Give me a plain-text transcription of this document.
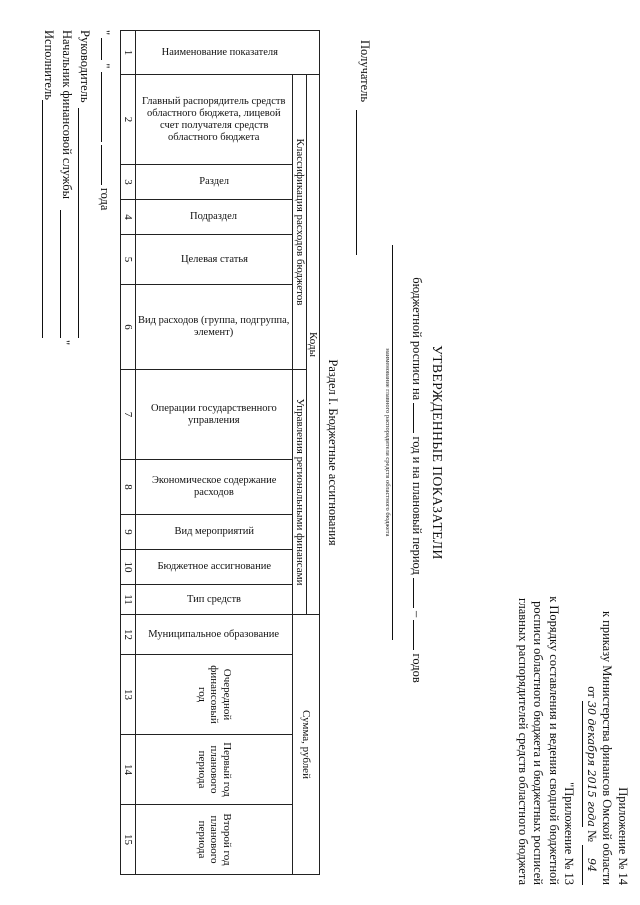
Приложение № 14
к приказу Министерства финансов Омской области
от 30 декабря 2015 года № 94
"Приложение № 13
к Порядку составления и ведения сводной бюджетной
росписи областного бюджета и бюджетных росписей
главных распорядителей средств областного бюджета
УТВЕРЖДЕННЫЕ ПОКАЗАТЕЛИ
бюджетной росписи на  год и на плановый период  –  годов
наименование главного распорядителя средств областного бюджета
Получатель
Раздел I. Бюджетные ассигнования
Наименование показателя
Коды
Классификация расходов бюджетов
Управления региональными финансами
Сумма, рублей
Главный распорядитель средств областного бюджета, лицевой счет получателя средств областного бюджета
Раздел
Подраздел
Целевая статья
Вид расходов (группа, подгруппа, элемент)
Операции государственного управления
Экономическое содержание расходов
Вид мероприятий
Бюджетное ассигнование
Тип средств
Муниципальное образование
Очередной финансовый год
Первый год планового периода
Второй год планового периода
1
2
3
4
5
6
7
8
9
10
11
12
13
14
15
"  "   года
Руководитель
Начальник финансовой службы
Исполнитель
"
